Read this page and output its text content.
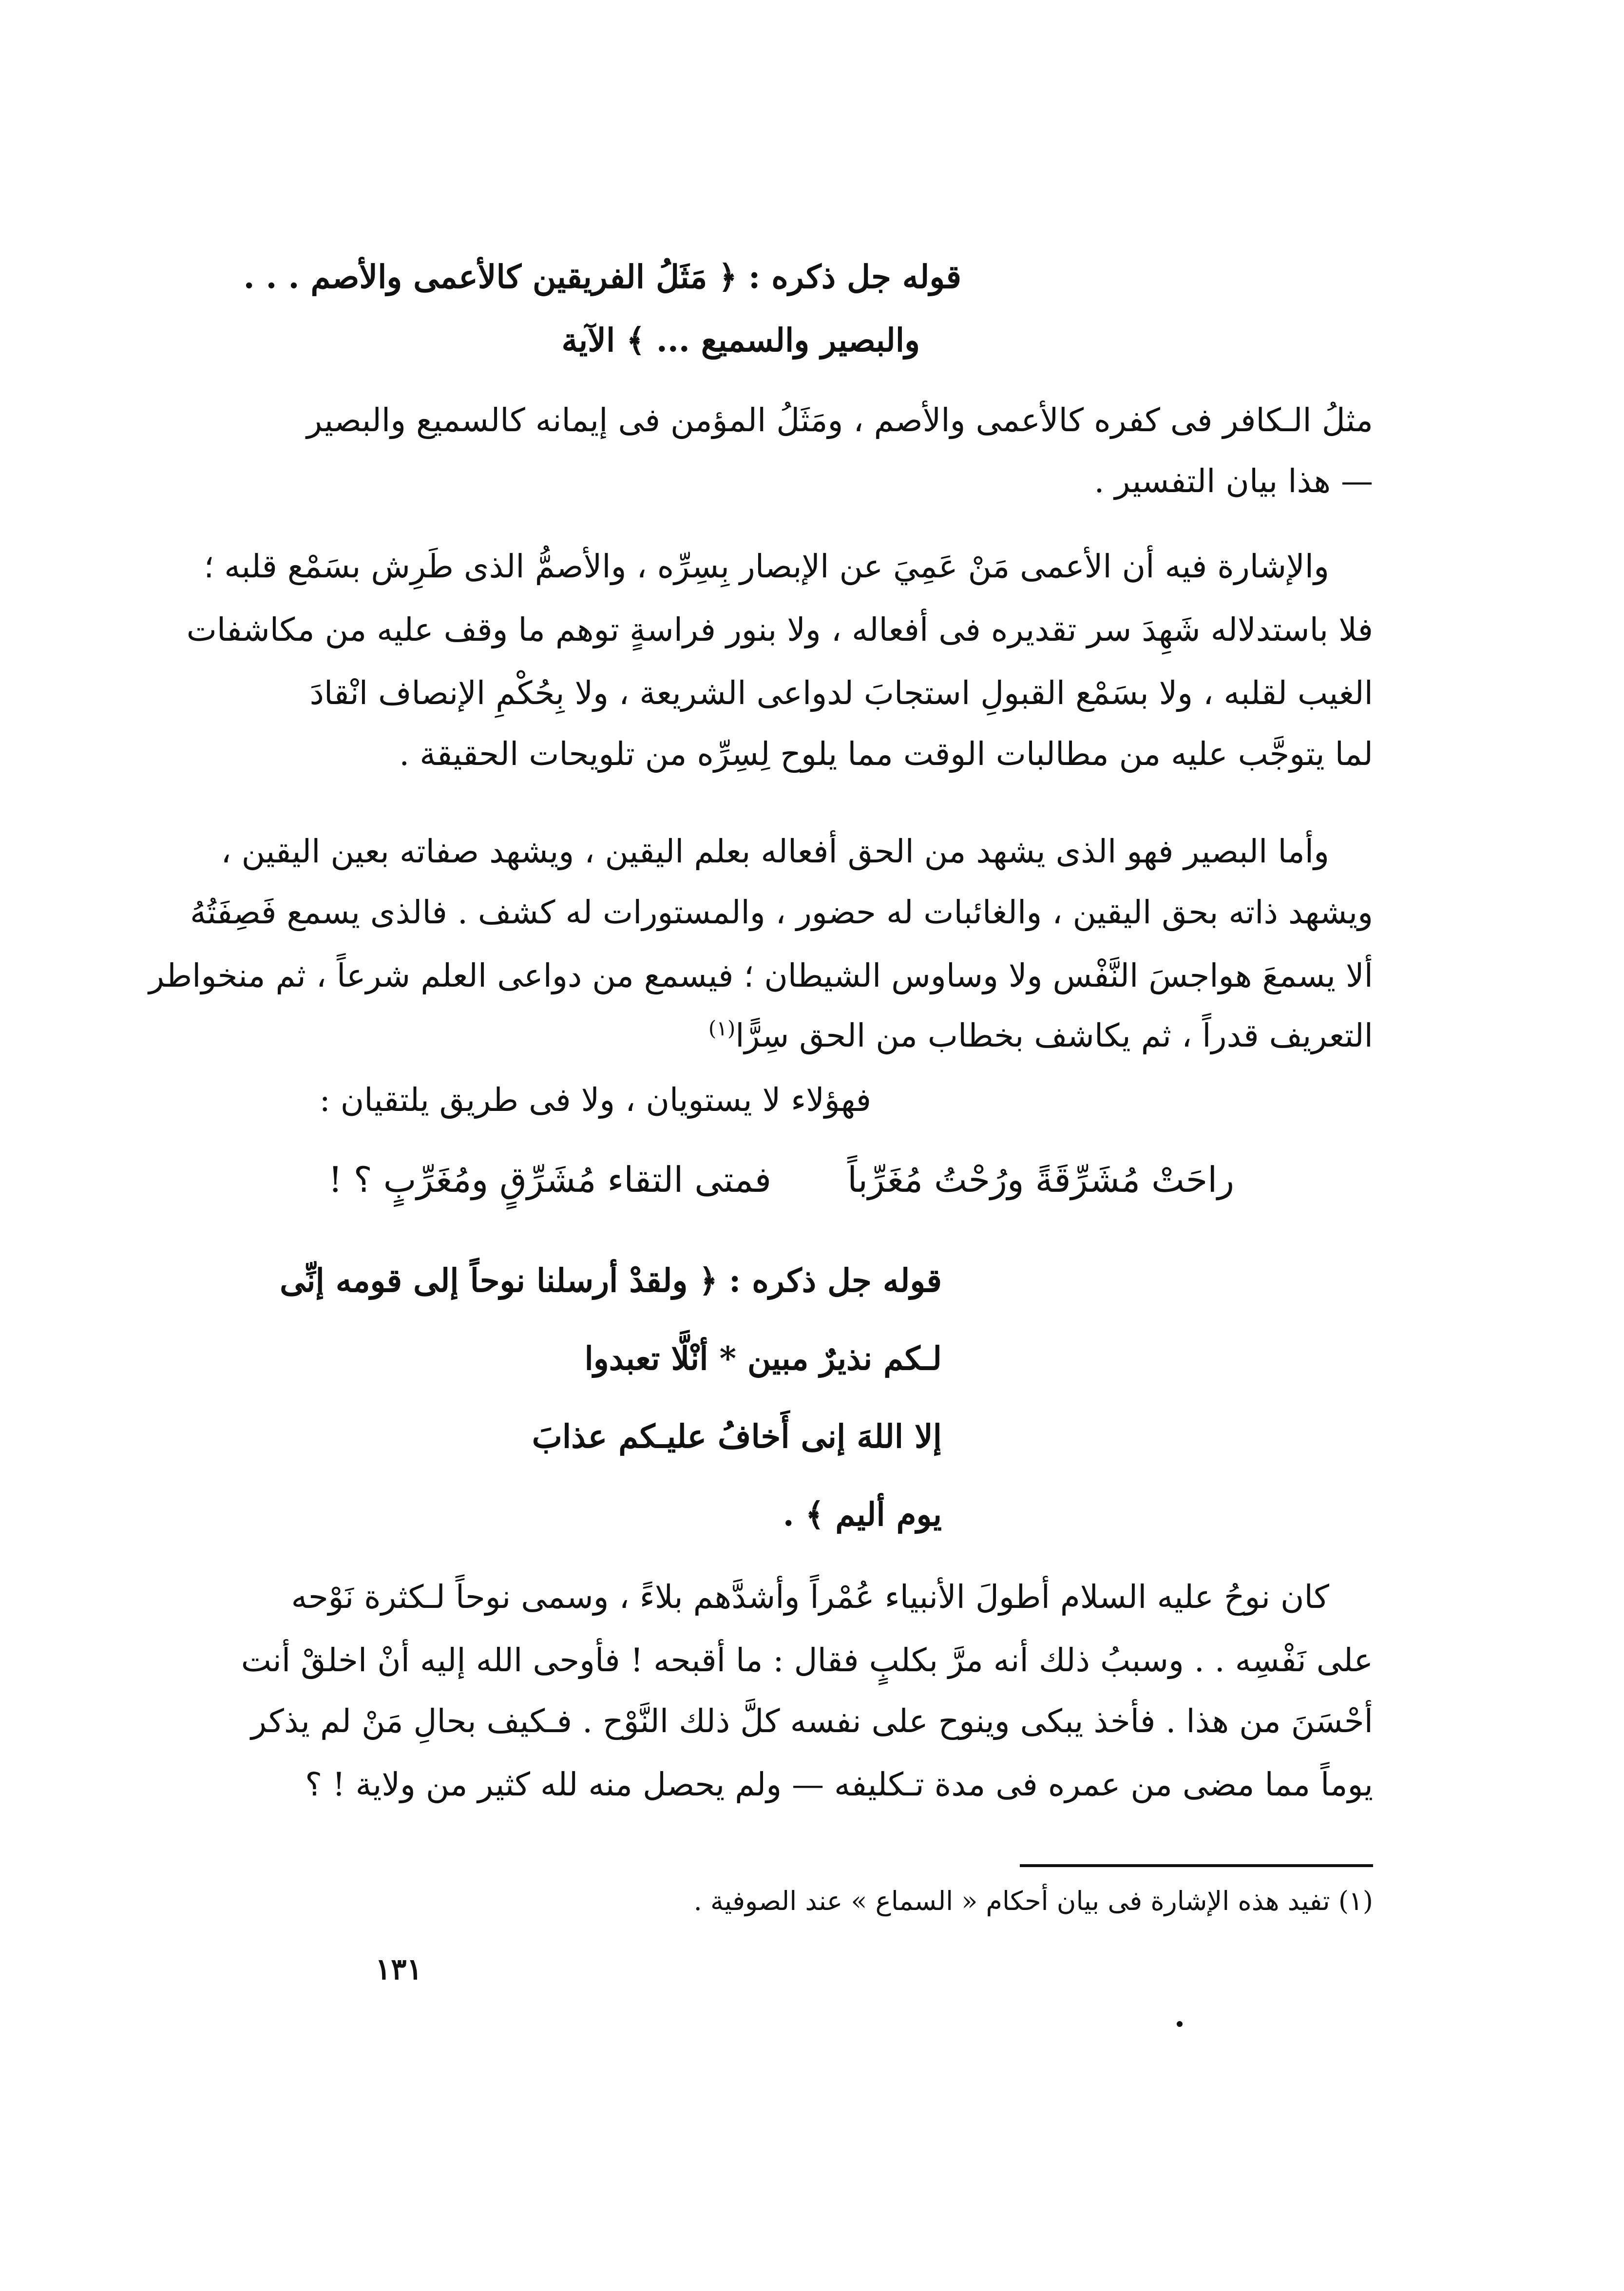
قوله جل ذكره : ﴿ مَثَلُ الفريقين كالأعمى والأصم . . .
والبصير والسميع ... ﴾ الآية
مثلُ الـكافر فى كفره كالأعمى والأصم ، ومَثَلُ المؤمن فى إيمانه كالسميع والبصير
— هذا بيان التفسير .
والإشارة فيه أن الأعمى مَنْ عَمِيَ عن الإبصار بِسِرِّه ، والأصمُّ الذى طَرِش بسَمْع قلبه ؛
فلا باستدلاله شَهِدَ سر تقديره فى أفعاله ، ولا بنور فراسةٍ توهم ما وقف عليه من مكاشفات
الغيب لقلبه ، ولا بسَمْع القبولِ استجابَ لدواعى الشريعة ، ولا بِحُكْمِ الإنصاف انْقادَ
لما يتوجَّب عليه من مطالبات الوقت مما يلوح لِسِرِّه من تلويحات الحقيقة .
وأما البصير فهو الذى يشهد من الحق أفعاله بعلم اليقين ، ويشهد صفاته بعين اليقين ،
ويشهد ذاته بحق اليقين ، والغائبات له حضور ، والمستورات له كشف . فالذى يسمع فَصِفَتُهُ
ألا يسمعَ هواجسَ النَّفْس ولا وساوس الشيطان ؛ فيسمع من دواعى العلم شرعاً ، ثم منخواطر
التعريف قدراً ، ثم يكاشف بخطاب من الحق سِرًّا$^{(١)}$
فهؤلاء لا يستويان ، ولا فى طريق يلتقيان :
راحَتْ مُشَرِّقَةً ورُحْتُ مُغَرِّباً
فمتى التقاء مُشَرِّقٍ ومُغَرِّبٍ ؟ !
قوله جل ذكره : ﴿ ولقدْ أرسلنا نوحاً إلى قومه إنِّى
لـكم نذيرٌ مبين * أنْلَّا تعبدوا
إلا اللهَ إنى أَخافُ عليـكم عذابَ
يوم أليم ﴾ .
كان نوحُ عليه السلام أطولَ الأنبياء عُمْراً وأشدَّهم بلاءً ، وسمى نوحاً لـكثرة نَوْحه
على نَفْسِه . . وسببُ ذلك أنه مرَّ بكلبٍ فقال : ما أقبحه ! فأوحى الله إليه أنْ اخلقْ أنت
أحْسَنَ من هذا . فأخذ يبكى وينوح على نفسه كلَّ ذلك النَّوْح . فـكيف بحالِ مَنْ لم يذكر
يوماً مما مضى من عمره فى مدة تـكليفه — ولم يحصل منه لله كثير من ولاية ! ؟
(١) تفيد هذه الإشارة فى بيان أحكام « السماع » عند الصوفية .
١٣١
